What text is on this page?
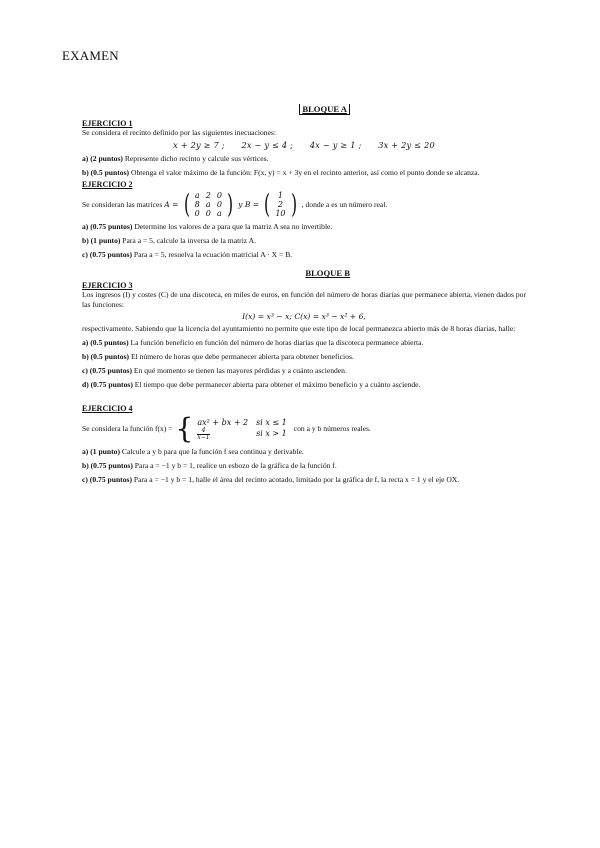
EXAMEN
BLOQUE A
EJERCICIO 1

Se considera el recinto definido por las siguientes inecuaciones:

x + 2y ≥ 7 ; 2x − y ≤ 4 ; 4x − y ≥ 1 ; 3x + 2y ≤ 20

a) (2 puntos) Represente dicho recinto y calcule sus vértices.

b) (0.5 puntos) Obtenga el valor máximo de la función: F(x, y) = x + 3y en el recinto anterior, así como el punto donde se alcanza.

EJERCICIO 2
Se consideran las matrices
A = ( a	2	0
8	a	0
0	0	a ) y B = ( 1
2
10 ) , donde a es un número real.

a) (0.75 puntos) Determine los valores de a para que la matriz A sea no invertible.

b) (1 punto) Para a = 5, calcule la inversa de la matriz A.

c) (0.75 puntos) Para a = 5, resuelva la ecuación matricial A · X = B.

BLOQUE B
EJERCICIO 3

Los ingresos (I) y costes (C) de una discoteca, en miles de euros, en función del número de horas diarias que permanece abierta, vienen dados por las funciones:

I(x) = x³ − x; C(x) = x³ − x² + 6,

respectivamente. Sabiendo que la licencia del ayuntamiento no permite que este tipo de local permanezca abierto más de 8 horas diarias, halle:

a) (0.5 puntos) La función beneficio en función del número de horas diarias que la discoteca permanece abierta.

b) (0.5 puntos) El número de horas que debe permanecer abierta para obtener beneficios.

c) (0.75 puntos) En qué momento se tienen las mayores pérdidas y a cuánto ascienden.

d) (0.75 puntos) El tiempo que debe permanecer abierta para obtener el máximo beneficio y a cuánto asciende.

EJERCICIO 4
Se considera la función f(x) = { ax² + bx + 2	si x ≤ 1

$\frac{4}{x-1}$	si x > 1
con a y b números reales.

a) (1 punto) Calcule a y b para que la función f sea continua y derivable.

b) (0.75 puntos) Para a = −1 y b = 1, realice un esbozo de la gráfica de la función f.

c) (0.75 puntos) Para a = −1 y b = 1, halle el área del recinto acotado, limitado por la gráfica de f, la recta x = 1 y el eje OX.
